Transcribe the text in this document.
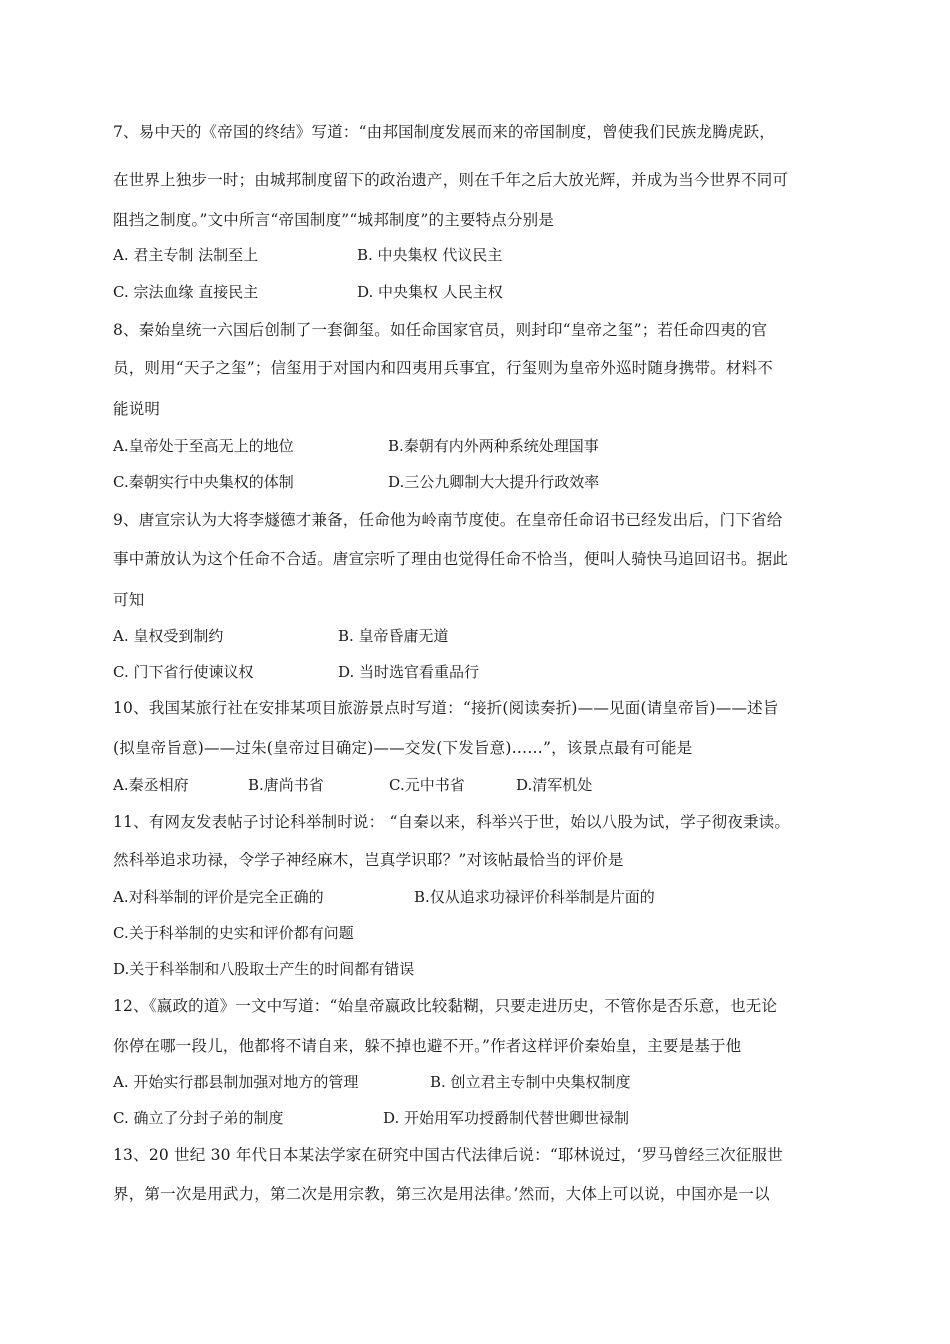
7、易中天的《帝国的终结》写道：“由邦国制度发展而来的帝国制度，曾使我们民族龙腾虎跃，
在世界上独步一时；由城邦制度留下的政治遗产，则在千年之后大放光辉，并成为当今世界不同可
阻挡之制度。”文中所言“帝国制度”“城邦制度”的主要特点分别是
A. 君主专制 法制至上	B. 中央集权 代议民主
C. 宗法血缘 直接民主	D. 中央集权 人民主权
8、秦始皇统一六国后创制了一套御玺。如任命国家官员，则封印“皇帝之玺”；若任命四夷的官
员，则用“天子之玺”；信玺用于对国内和四夷用兵事宜，行玺则为皇帝外巡时随身携带。材料不
能说明
A.皇帝处于至高无上的地位	B.秦朝有内外两种系统处理国事
C.秦朝实行中央集权的体制	D.三公九卿制大大提升行政效率
9、唐宣宗认为大将李燧德才兼备，任命他为岭南节度使。在皇帝任命诏书已经发出后，门下省给
事中萧放认为这个任命不合适。唐宣宗听了理由也觉得任命不恰当，便叫人骑快马追回诏书。据此
可知
A. 皇权受到制约	B. 皇帝昏庸无道
C. 门下省行使谏议权	D. 当时选官看重品行
10、我国某旅行社在安排某项目旅游景点时写道：“接折(阅读奏折)——见面(请皇帝旨)——述旨
(拟皇帝旨意)——过朱(皇帝过目确定)——交发(下发旨意)……”，该景点最有可能是
A.秦丞相府	B.唐尚书省	C.元中书省	D.清军机处
11、有网友发表帖子讨论科举制时说： “自秦以来，科举兴于世，始以八股为试，学子彻夜秉读。
然科举追求功禄，令学子神经麻木，岂真学识耶？”对该帖最恰当的评价是
A.对科举制的评价是完全正确的	B.仅从追求功禄评价科举制是片面的
C.关于科举制的史实和评价都有问题
D.关于科举制和八股取士产生的时间都有错误
12、《嬴政的道》一文中写道：“始皇帝嬴政比较黏糊，只要走进历史，不管你是否乐意，也无论
你停在哪一段儿，他都将不请自来，躲不掉也避不开。”作者这样评价秦始皇，主要是基于他
A. 开始实行郡县制加强对地方的管理	B. 创立君主专制中央集权制度
C. 确立了分封子弟的制度	D. 开始用军功授爵制代替世卿世禄制
13、20 世纪 30 年代日本某法学家在研究中国古代法律后说：“耶林说过，‘罗马曾经三次征服世
界，第一次是用武力，第二次是用宗教，第三次是用法律。’然而，大体上可以说，中国亦是一以
